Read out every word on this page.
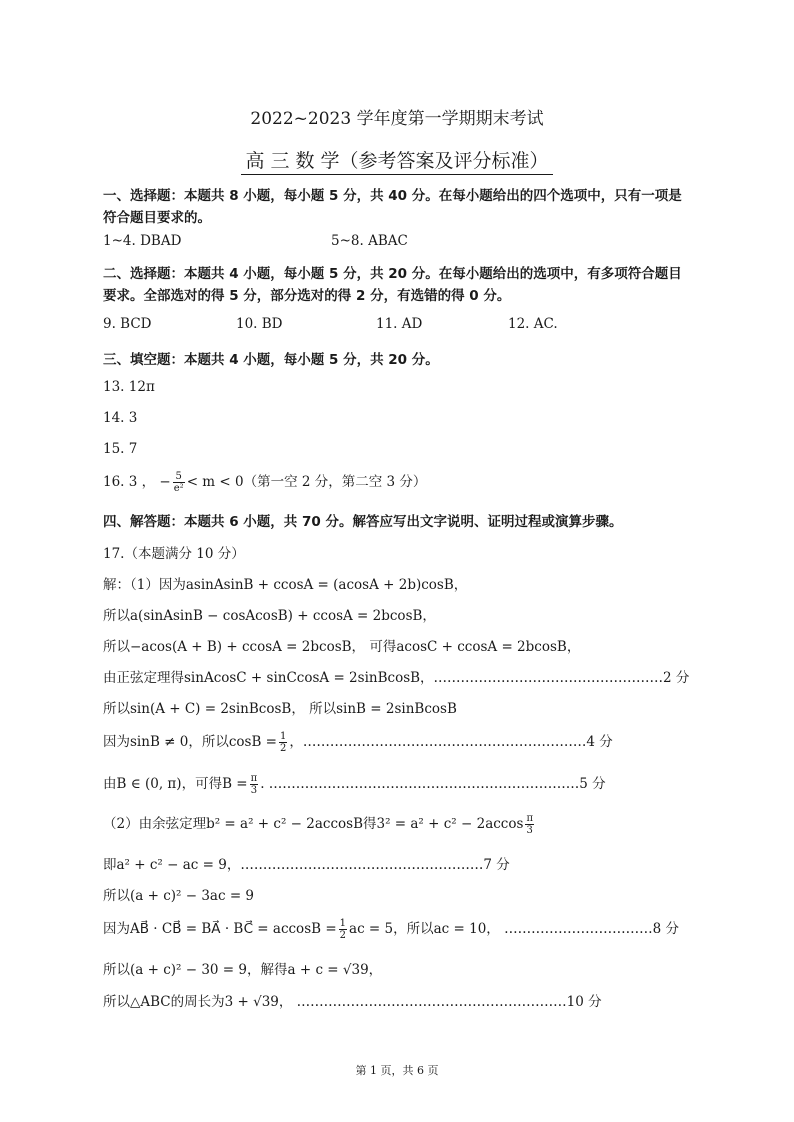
2022~2023 学年度第一学期期末考试
高 三 数 学（参考答案及评分标准）
一、选择题：本题共 8 小题，每小题 5 分，共 40 分。在每小题给出的四个选项中，只有一项是
符合题目要求的。
1~4. DBAD	5~8. ABAC
二、选择题：本题共 4 小题，每小题 5 分，共 20 分。在每小题给出的选项中，有多项符合题目
要求。全部选对的得 5 分，部分选对的得 2 分，有选错的得 0 分。
9. BCD	10. BD	11. AD	12. AC.
三、填空题：本题共 4 小题，每小题 5 分，共 20 分。
13. 12π
14. 3
15. 7
16. 3 ， − $\frac{5}{\text{e²}} < m < 0$（第一空 2 分，第二空 3 分）
四、解答题：本题共 6 小题，共 70 分。解答应写出文字说明、证明过程或演算步骤。
17.（本题满分 10 分）
解：（1）因为asinAsinB + ccosA = (acosA + 2b)cosB，
所以a(sinAsinB − cosAcosB) + ccosA = 2bcosB，
所以−acos(A + B) + ccosA = 2bcosB， 可得acosC + ccosA = 2bcosB，
由正弦定理得sinAcosC + sinCcosA = 2sinBcosB，……………………………………………2 分
所以sin(A + C) = 2sinBcosB， 所以sinB = 2sinBcosB
因为sinB ≠ 0，所以$\cos B = \frac{1}{2}$ ，………………………………………………………4 分
由B ∈ (0, π)，可得$B = \frac{\pi}{3}$ . ……………………………………………………………5 分
（2）由余弦定理b² = a² + c² − 2accosB得$3^2 = a^2 + c^2 - 2accos \frac{\pi}{3}$
即a² + c² − ac = 9，………………………………………………7 分
所以(a + c)² − 3ac = 9
因为AB⃗ · CB⃗ = BA⃗ · BC⃗ = $accosB = \frac{1}{2}$ ac = 5，所以ac = 10， ……………………………8 分
所以(a + c)² − 30 = 9，解得a + c = √39，
所以△ABC的周长为3 + √39， ……………………………………………………10 分
第 1 页，共 6 页
